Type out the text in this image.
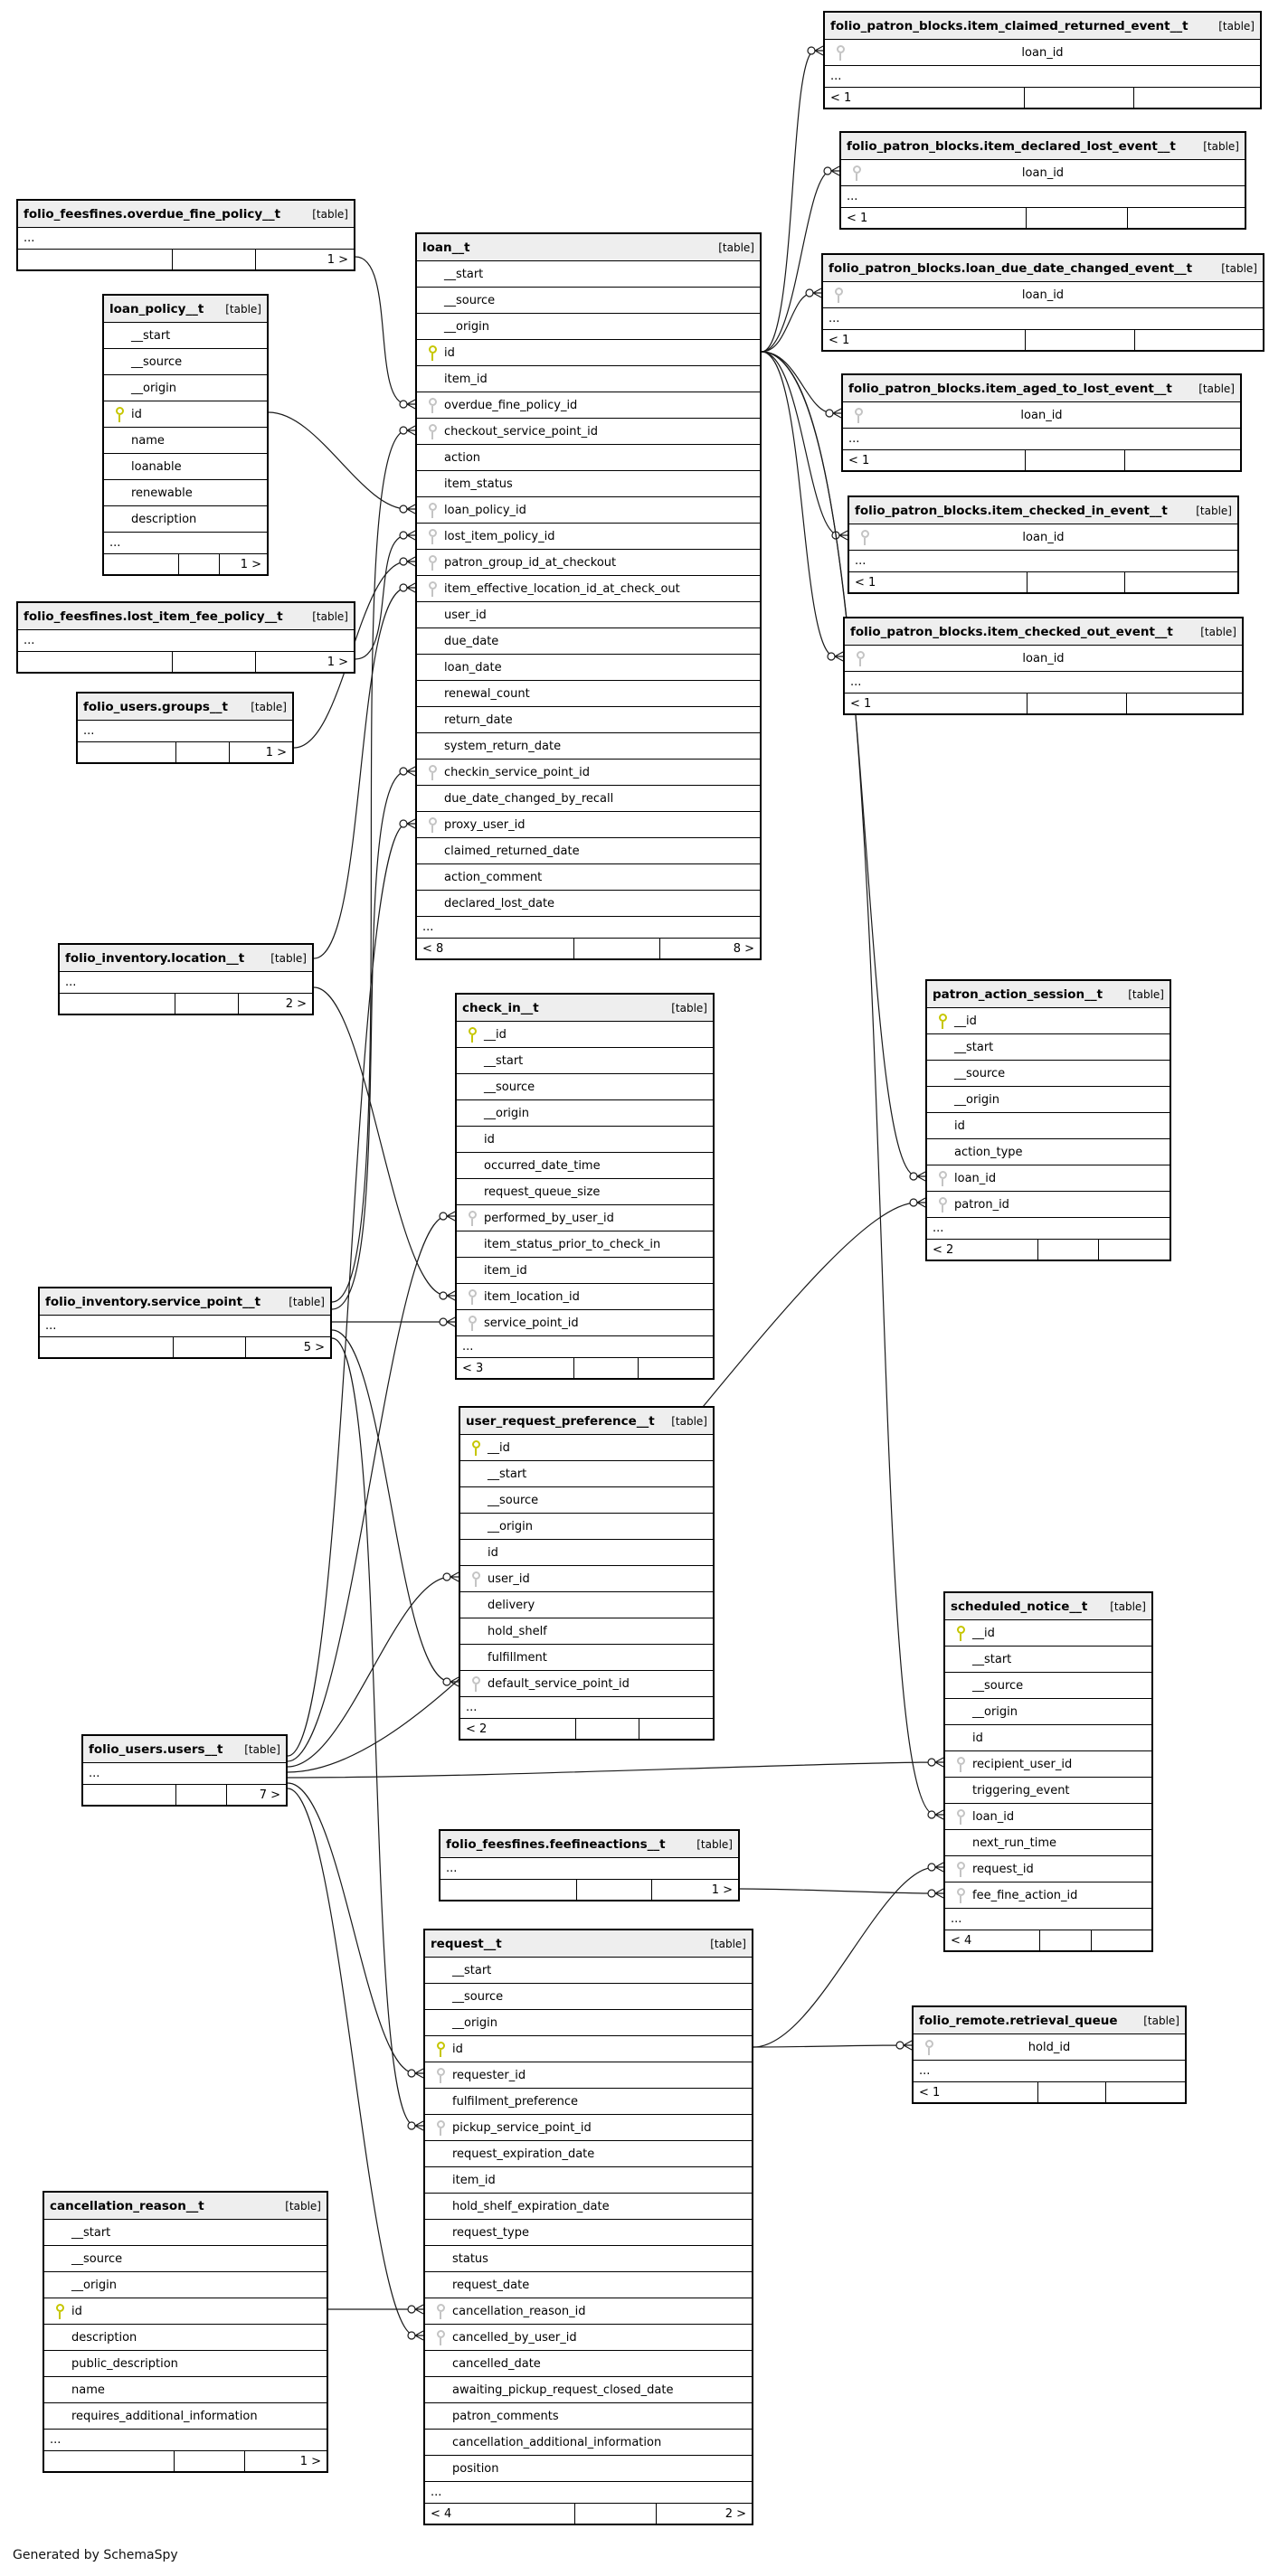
Generated by SchemaSpy
folio_patron_blocks.item_claimed_returned_event__t	[table]
loan_id
...
< 1
folio_patron_blocks.item_declared_lost_event__t	[table]
loan_id
...
< 1
folio_patron_blocks.loan_due_date_changed_event__t	[table]
loan_id
...
< 1
folio_patron_blocks.item_aged_to_lost_event__t [table]
loan_id
...
< 1
folio_patron_blocks.item_checked_in_event__t	[table]
loan_id
...
< 1
folio_patron_blocks.item_checked_out_event__t	[table]
loan_id
...
< 1
folio_feesfines.overdue_fine_policy__t	[table]
...
1 >
loan_policy__t [table]
__start
__source
__origin
id
name
loanable
renewable
description
...
1 >
folio_feesfines.lost_item_fee_policy__t	[table]
...
1 >
folio_users.groups__t [table]
...
1 >
folio_inventory.location__t [table]
...
2 >
loan__t	[table]
__start
__source
__origin
id
item_id
overdue_fine_policy_id
checkout_service_point_id
action
item_status
loan_policy_id
lost_item_policy_id
patron_group_id_at_checkout
item_effective_location_id_at_check_out
user_id
due_date
loan_date
renewal_count
return_date
system_return_date
checkin_service_point_id
due_date_changed_by_recall
proxy_user_id
claimed_returned_date
action_comment
declared_lost_date
...
< 8	8 >
check_in__t	[table]
__id
__start
__source
__origin
id
occurred_date_time
request_queue_size
performed_by_user_id
item_status_prior_to_check_in
item_id
item_location_id
service_point_id
...
< 3
folio_inventory.service_point__t	[table]
...
5 >
user_request_preference__t [table]
__id
__start
__source
__origin
id
user_id
delivery
hold_shelf
fulfillment
default_service_point_id
...
< 2
patron_action_session__t [table]
__id
__start
__source
__origin
id
action_type
loan_id
patron_id
...
< 2
scheduled_notice__t [table]
__id
__start
__source
__origin
id
recipient_user_id
triggering_event
loan_id
next_run_time
request_id
fee_fine_action_id
...
< 4
folio_users.users__t [table]
...
7 >
folio_feesfines.feefineactions__t	[table]
...
1 >
request__t	[table]
__start
__source
__origin
id
requester_id
fulfilment_preference
pickup_service_point_id
request_expiration_date
item_id
hold_shelf_expiration_date
request_type
status
request_date
cancellation_reason_id
cancelled_by_user_id
cancelled_date
awaiting_pickup_request_closed_date
patron_comments
cancellation_additional_information
position
...
< 4	2 >
folio_remote.retrieval_queue [table]
hold_id
...
< 1
cancellation_reason__t	[table]
__start
__source
__origin
id
description
public_description
name
requires_additional_information
...
1 >
